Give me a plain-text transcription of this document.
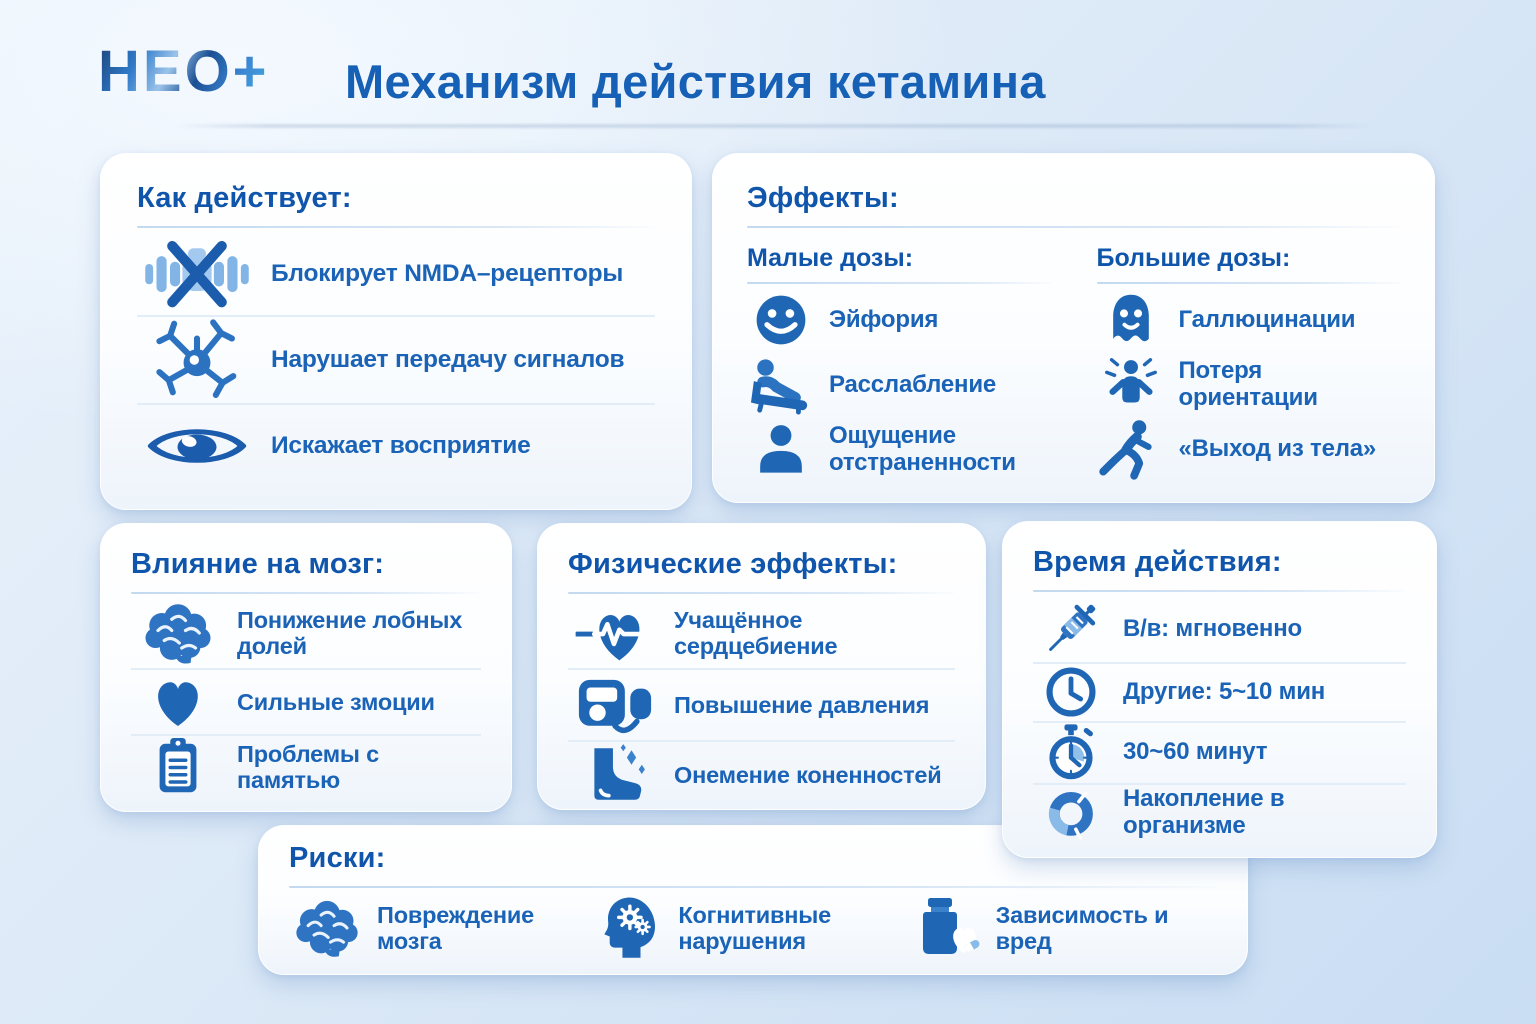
НЕО+ Механизм действия кетамина
Как действует:
Блокирует NMDA–рецепторы
Нарушает передачу сигналов
Искажает восприятие
Эффекты:
Малые дозы:
Эйфория
Расслабление
Ощущение отстраненности
Большие дозы:
Галлюцинации
Потеря ориентации
«Выход из тела»
Влияние на мозг:
Понижение лобных долей
Сильные змоции
Проблемы с памятью
Физические эффекты:
Учащённое сердцебиение
Повышение давления
Онемение коненностей
Время действия:
В/в: мгновенно
Другие: 5~10 мин
30~60 минут
Накопление в организме
Риски:
Повреждение мозга
Когнитивные нарушения
Зависимость и вред
